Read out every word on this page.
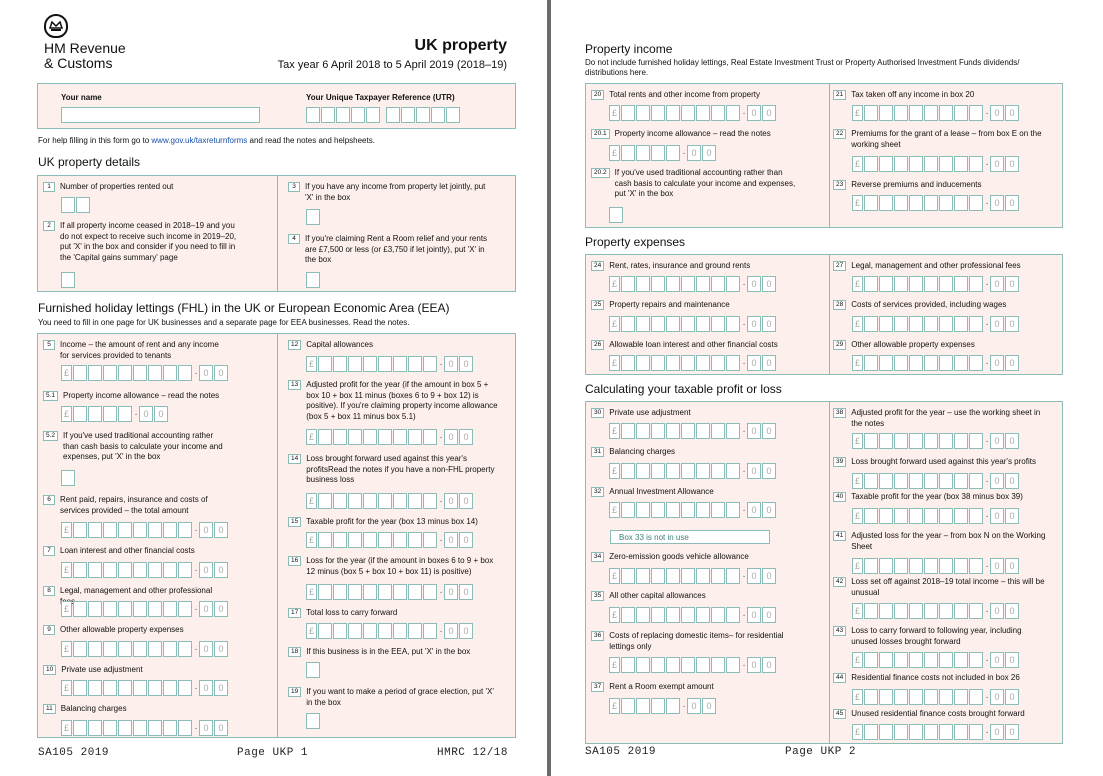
HM Revenue
& Customs
UK property
Tax year 6 April 2018 to 5 April 2019 (2018–19)
Your name	Your Unique Taxpayer Reference (UTR)
For help filling in this form go to www.gov.uk/taxreturnforms and read the notes and helpsheets.
UK property details
1 Number of properties rented out
2 If all property income ceased in 2018–19 and you do not expect to receive such income in 2019–20, put 'X' in the box and consider if you need to fill in the 'Capital gains summary' page
3 If you have any income from property let jointly, put 'X' in the box
4 If you're claiming Rent a Room relief and your rents are £7,500 or less (or £3,750 if let jointly), put 'X' in the box
Furnished holiday lettings (FHL) in the UK or European Economic Area (EEA)
You need to fill in one page for UK businesses and a separate page for EEA businesses. Read the notes.
5 Income – the amount of rent and any income for services provided to tenants
£	· 0	0
5.1 Property income allowance – read the notes
£	· 0	0
5.2 If you've used traditional accounting rather than cash basis to calculate your income and expenses, put 'X' in the box
6 Rent paid, repairs, insurance and costs of services provided – the total amount
£	· 0	0
7 Loan interest and other financial costs
£	· 0	0
8 Legal, management and other professional
£	· 0	0
9 Other allowable property expenses
£	· 0	0
10 Private use adjustment
£	· 0	0
11 Balancing charges
£	· 0	0
12 Capital allowances
£	· 0	0
13 Adjusted profit for the year (if the amount in box 5 + box 10 + box 11 minus (boxes 6 to 9 + box 12) is positive). If you're claiming property income allowance (box 5 + box 11 minus box 5.1)
£	· 0	0
14 Loss brought forward used against this year's profitsRead the notes if you have a non-FHL property business loss
£	· 0	0
15 Taxable profit for the year (box 13 minus box 14)
£	· 0	0
16 Loss for the year (if the amount in boxes 6 to 9 + box 12 minus (box 5 + box 10 + box 11) is positive)
£	· 0	0
17 Total loss to carry forward
£	· 0	0
18 If this business is in the EEA, put 'X' in the box
19 If you want to make a period of grace election, put 'X' in the box
SA105 2019	Page UKP 1	HMRC 12/18
Property income
Do not include furnished holiday lettings, Real Estate Investment Trust or Property Authorised Investment Funds dividends/ distributions here.
20 Total rents and other income from property
£	· 0	0
20.1 Property income allowance – read the notes
£	· 0	0
20.2 If you've used traditional accounting rather than cash basis to calculate your income and expenses, put 'X' in the box
21 Tax taken off any income in box 20
£	· 0	0
22 Premiums for the grant of a lease – from box E on the working sheet
£	· 0	0
23 Reverse premiums and inducements
£	· 0	0
Property expenses
24 Rent, rates, insurance and ground rents
£	· 0	0
25 Property repairs and maintenance
£	· 0	0
26 Allowable loan interest and other financial costs
£	· 0	0
27 Legal, management and other professional fees
£	· 0	0
28 Costs of services provided, including wages
£	· 0	0
29 Other allowable property expenses
£	· 0	0
Calculating your taxable profit or loss
Box 33 is not in use
30 Private use adjustment
£	· 0	0
31 Balancing charges
£	· 0	0
32 Annual Investment Allowance
£	· 0	0
34 Zero-emission goods vehicle allowance
£	· 0	0
35 All other capital allowances
£	· 0	0
36 Costs of replacing domestic items– for residential lettings only
£	· 0	0
37 Rent a Room exempt amount
£	· 0	0
38 Adjusted profit for the year – use the working sheet in the notes
£	· 0	0
39 Loss brought forward used against this year's profits
£	· 0	0
40 Taxable profit for the year (box 38 minus box 39)
£	· 0	0
41 Adjusted loss for the year – from box N on the Working Sheet
£	· 0	0
42 Loss set off against 2018–19 total income – this will be unusual
£	· 0	0
43 Loss to carry forward to following year, including unused losses brought forward
£	· 0	0
44 Residential finance costs not included in box 26
£	· 0	0
45 Unused residential finance costs brought forward
£	· 0	0
SA105 2019	Page UKP 2
